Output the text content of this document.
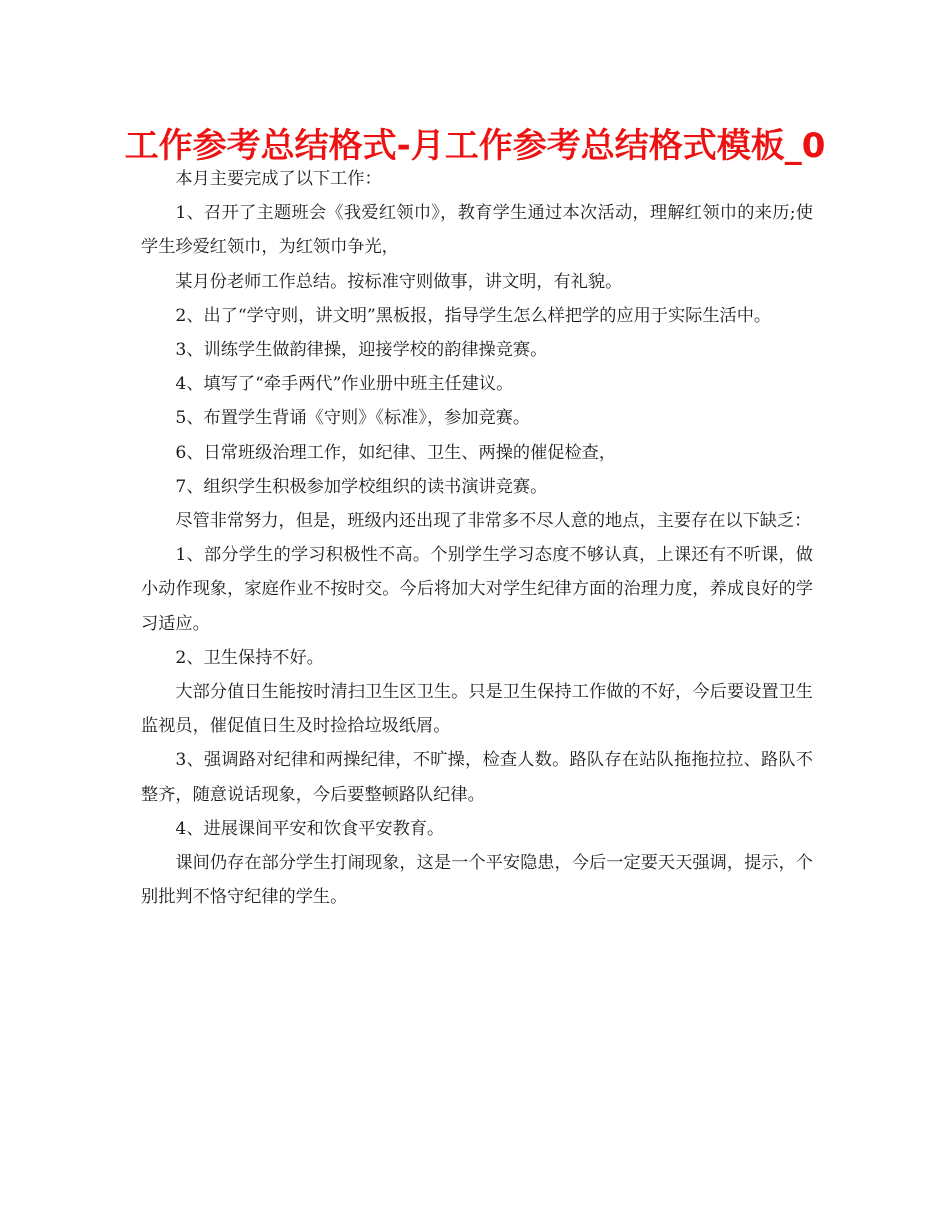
工作参考总结格式-月工作参考总结格式模板_0

本月主要完成了以下工作：

1、召开了主题班会《我爱红领巾》，教育学生通过本次活动，理解红领巾的来历;使学生珍爱红领巾，为红领巾争光，

某月份老师工作总结。按标准守则做事，讲文明，有礼貌。

2、出了“学守则，讲文明”黑板报，指导学生怎么样把学的应用于实际生活中。

3、训练学生做韵律操，迎接学校的韵律操竞赛。

4、填写了“牵手两代”作业册中班主任建议。

5、布置学生背诵《守则》《标准》，参加竞赛。

6、日常班级治理工作，如纪律、卫生、两操的催促检查，

7、组织学生积极参加学校组织的读书演讲竞赛。

尽管非常努力，但是，班级内还出现了非常多不尽人意的地点，主要存在以下缺乏：

1、部分学生的学习积极性不高。个别学生学习态度不够认真，上课还有不听课，做小动作现象，家庭作业不按时交。今后将加大对学生纪律方面的治理力度，养成良好的学习适应。

2、卫生保持不好。

大部分值日生能按时清扫卫生区卫生。只是卫生保持工作做的不好，今后要设置卫生监视员，催促值日生及时捡拾垃圾纸屑。

3、强调路对纪律和两操纪律，不旷操，检查人数。路队存在站队拖拖拉拉、路队不整齐，随意说话现象，今后要整顿路队纪律。

4、进展课间平安和饮食平安教育。

课间仍存在部分学生打闹现象，这是一个平安隐患，今后一定要天天强调，提示，个别批判不恪守纪律的学生。
